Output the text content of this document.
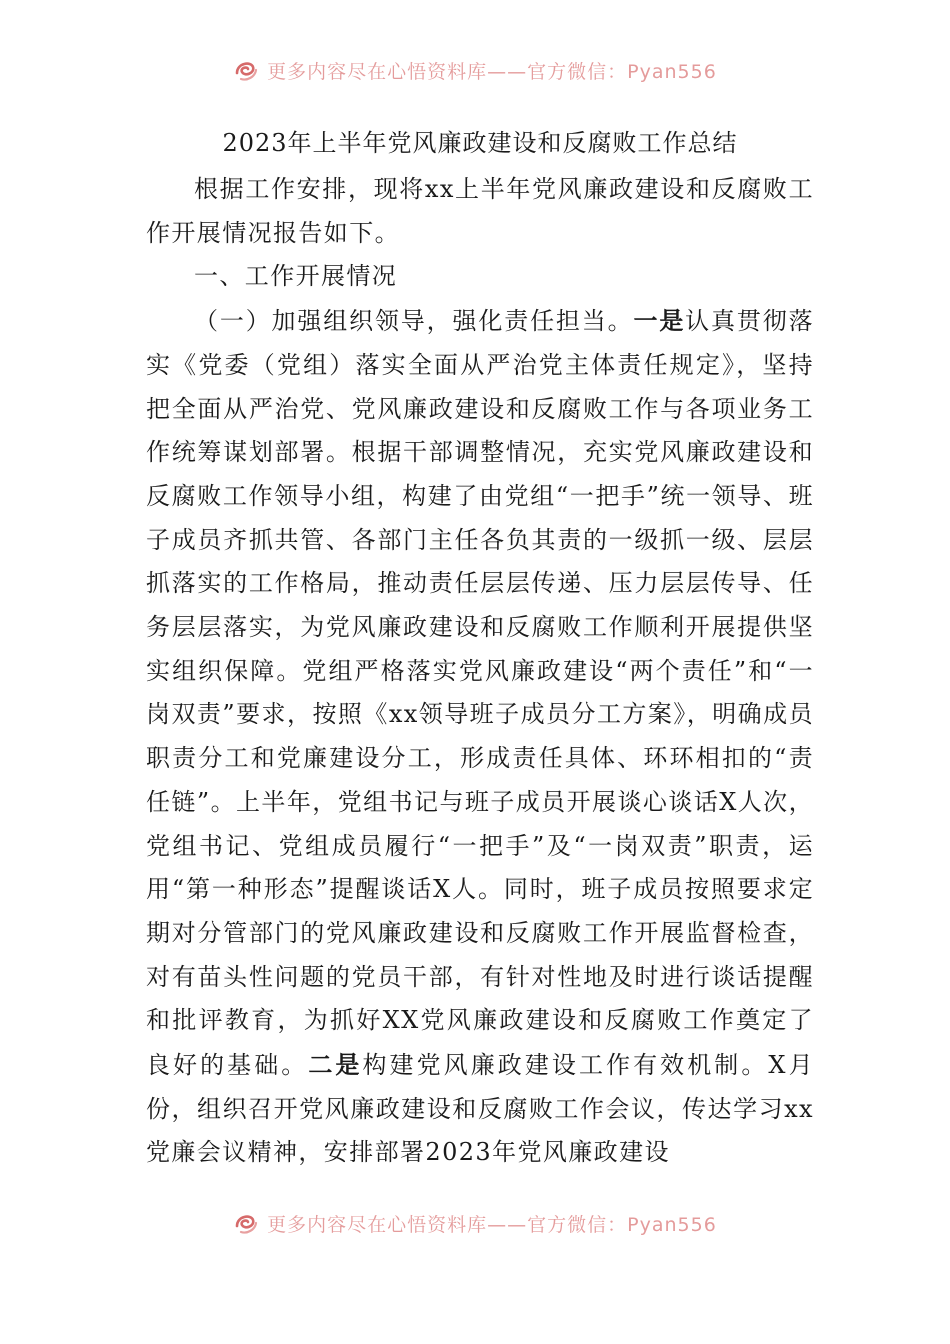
更多内容尽在心悟资料库——官方微信：Pyan556
2023年上半年党风廉政建设和反腐败工作总结

根据工作安排，现将xx上半年党风廉政建设和反腐败工作开展情况报告如下。

一、工作开展情况

（一）加强组织领导，强化责任担当。一是认真贯彻落实《党委（党组）落实全面从严治党主体责任规定》，坚持把全面从严治党、党风廉政建设和反腐败工作与各项业务工作统筹谋划部署。根据干部调整情况，充实党风廉政建设和反腐败工作领导小组，构建了由党组“一把手”统一领导、班子成员齐抓共管、各部门主任各负其责的一级抓一级、层层抓落实的工作格局，推动责任层层传递、压力层层传导、任务层层落实，为党风廉政建设和反腐败工作顺利开展提供坚实组织保障。党组严格落实党风廉政建设“两个责任”和“一岗双责”要求，按照《xx领导班子成员分工方案》，明确成员职责分工和党廉建设分工，形成责任具体、环环相扣的“责任链”。上半年，党组书记与班子成员开展谈心谈话X人次，党组书记、党组成员履行“一把手”及“一岗双责”职责，运用“第一种形态”提醒谈话X人。同时，班子成员按照要求定期对分管部门的党风廉政建设和反腐败工作开展监督检查，对有苗头性问题的党员干部，有针对性地及时进行谈话提醒和批评教育，为抓好XX党风廉政建设和反腐败工作奠定了良好的基础。二是构建党风廉政建设工作有效机制。X月份，组织召开党风廉政建设和反腐败工作会议，传达学习xx党廉会议精神，安排部署2023年党风廉政建设

更多内容尽在心悟资料库——官方微信：Pyan556
